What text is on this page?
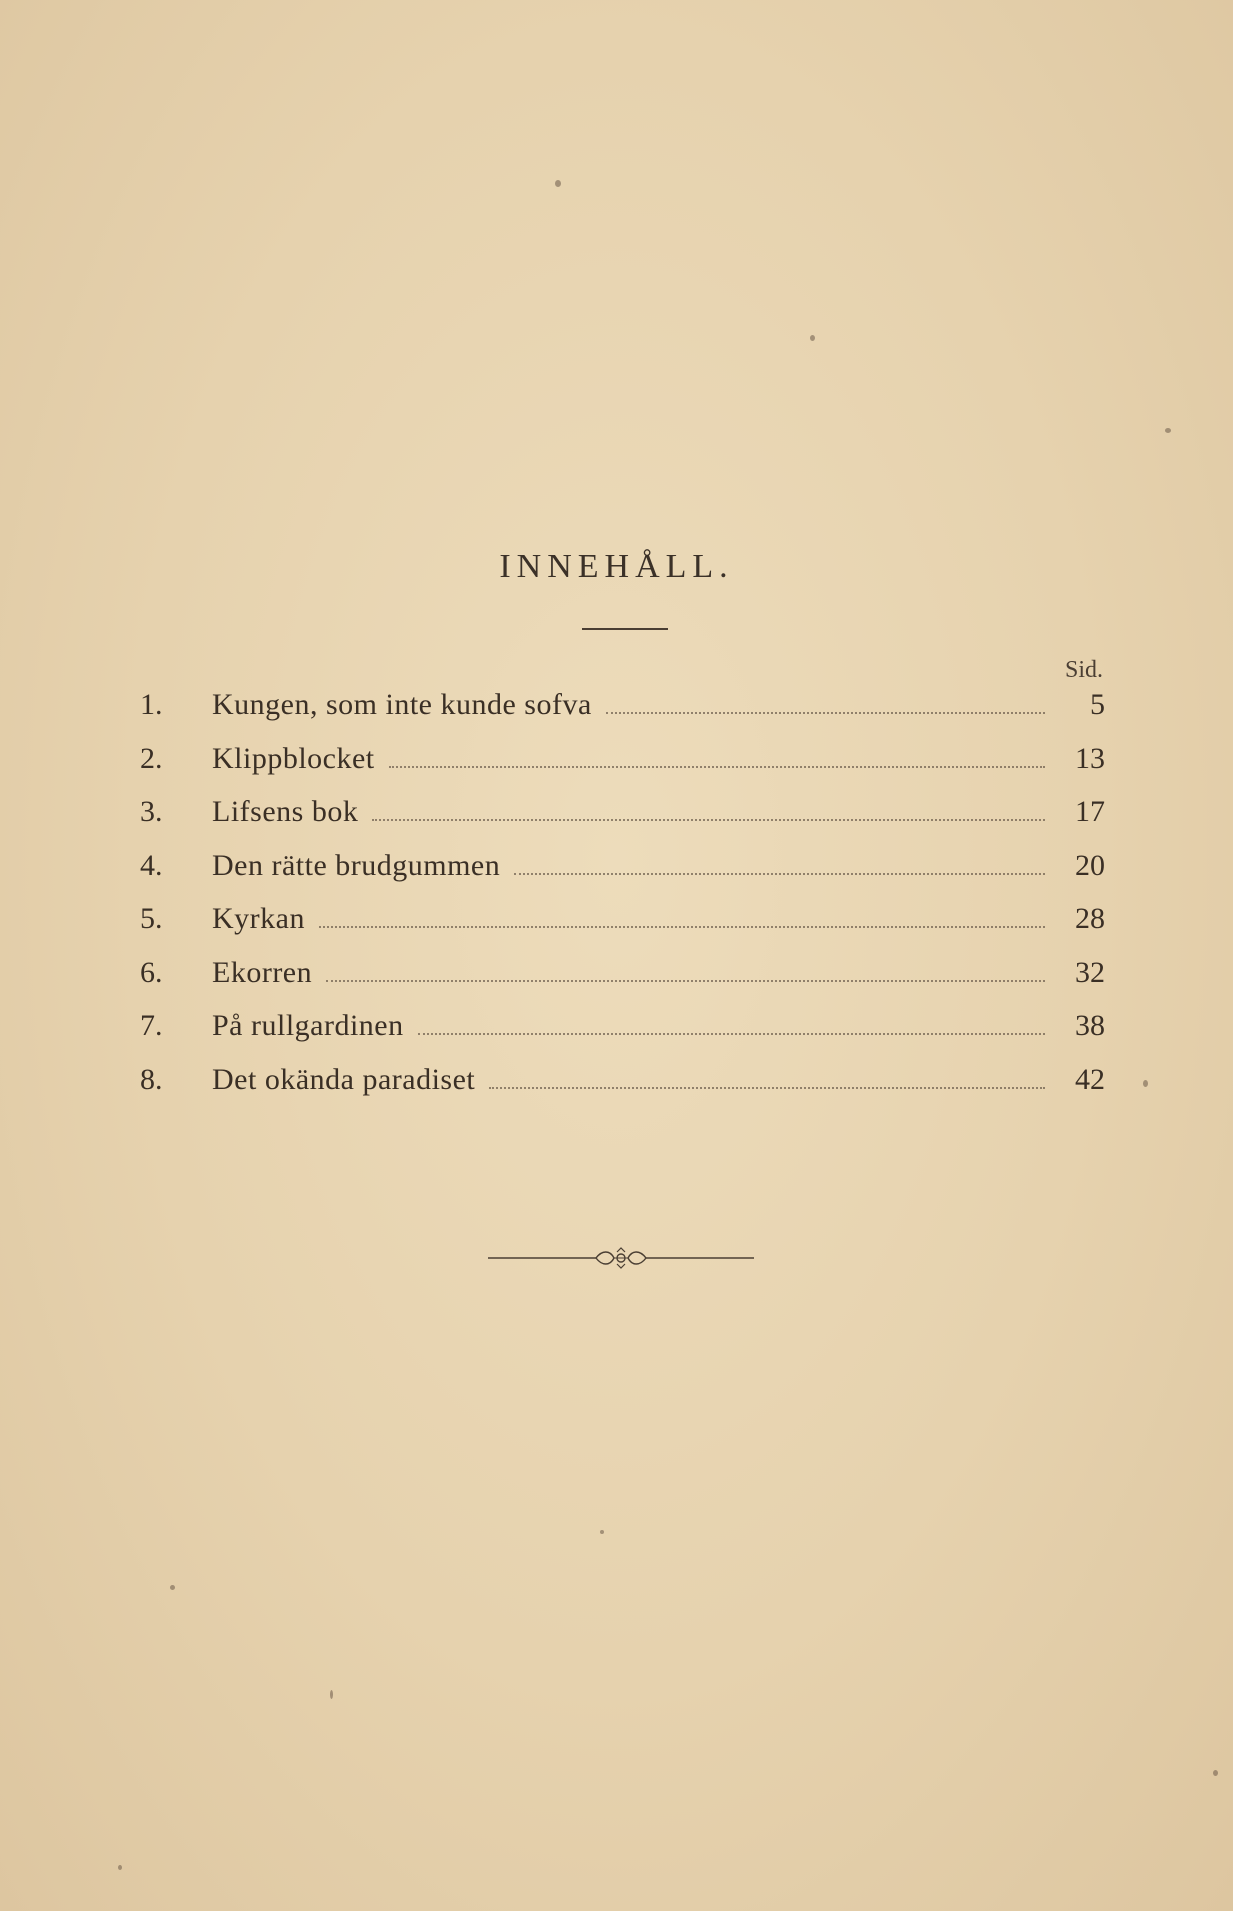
INNEHÅLL.
Sid.
1.	Kungen, som inte kunde sofva	5
2.	Klippblocket	13
3.	Lifsens bok	17
4.	Den rätte brudgummen	20
5.	Kyrkan	28
6.	Ekorren	32
7.	På rullgardinen	38
8.	Det okända paradiset	42
